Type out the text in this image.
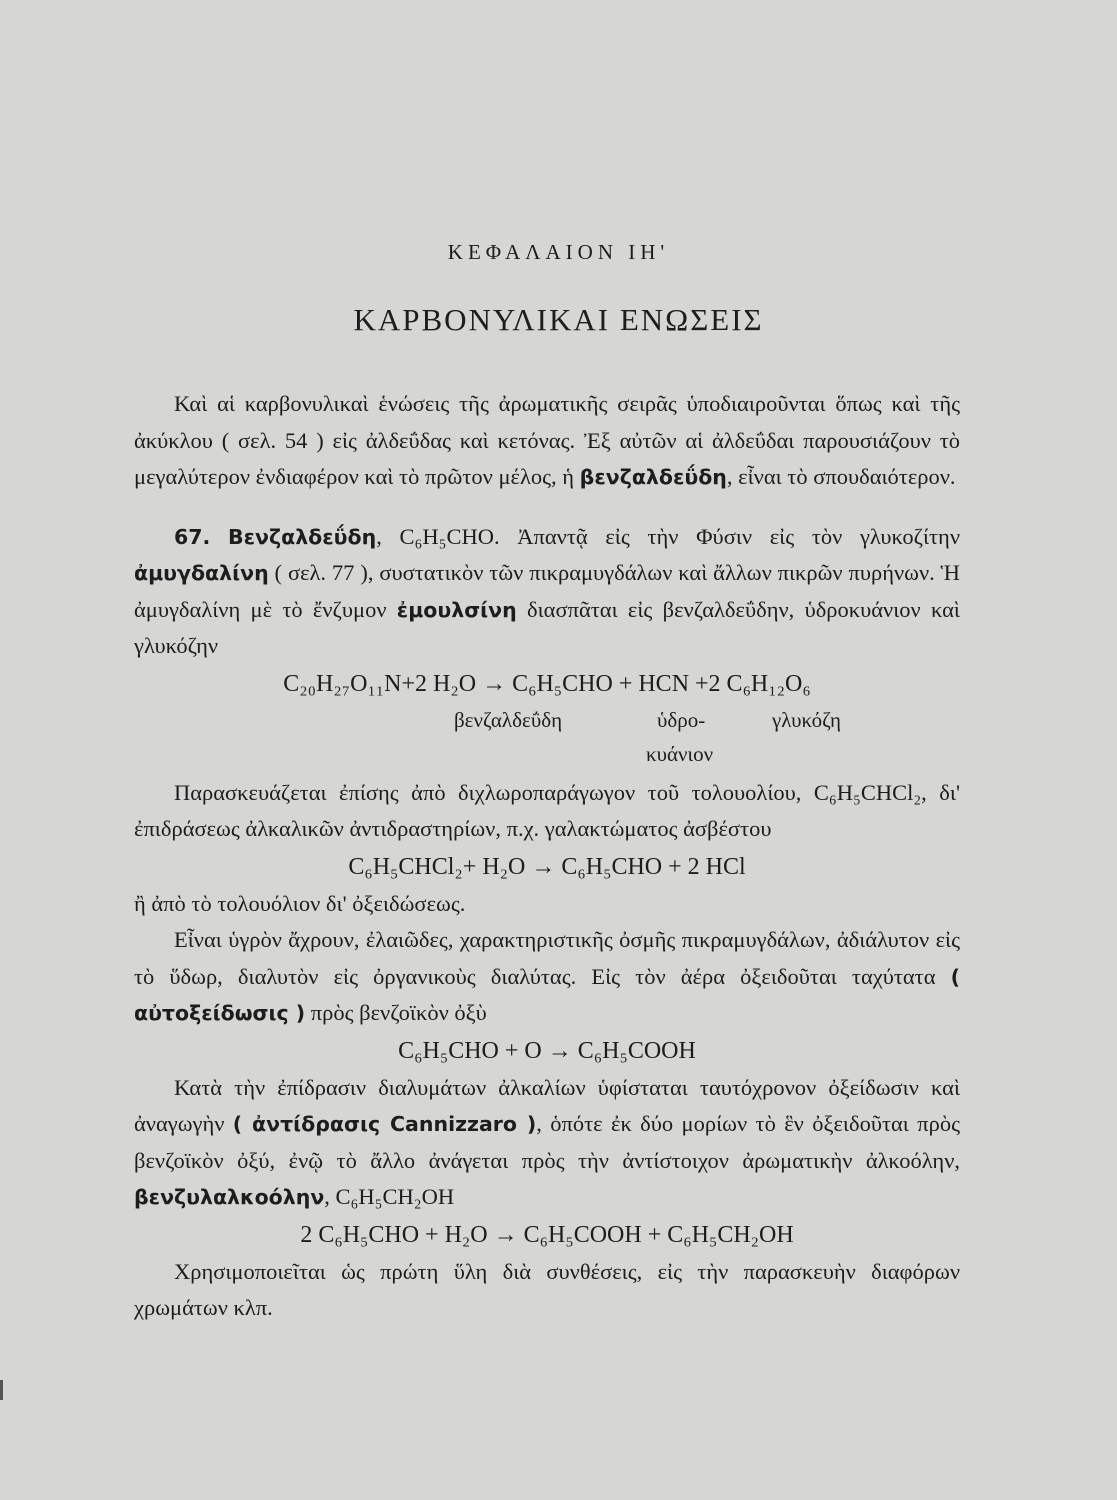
ΚΕΦΑΛΑΙΟΝ ΙΗ'
ΚΑΡΒΟΝΥΛΙΚΑΙ ΕΝΩΣΕΙΣ

Καὶ αἱ καρβονυλικαὶ ἑνώσεις τῆς ἀρωματικῆς σειρᾶς ὑποδιαιροῦνται ὅπως καὶ τῆς ἀκύκλου ( σελ. 54 ) εἰς ἀλδεΰδας καὶ κετόνας. Ἐξ αὐτῶν αἱ ἀλδεΰδαι παρουσιάζουν τὸ μεγαλύτερον ἐνδιαφέρον καὶ τὸ πρῶτον μέλος, ἡ βενζαλδεΰδη, εἶναι τὸ σπουδαιότερον.

67. Βενζαλδεΰδη, C₆H₅CHO. Ἀπαντᾷ εἰς τὴν Φύσιν εἰς τὸν γλυκοζίτην ἀμυγδαλίνη ( σελ. 77 ), συστατικὸν τῶν πικραμυγδάλων καὶ ἄλλων πικρῶν πυρήνων. Ἡ ἀμυγδαλίνη μὲ τὸ ἔνζυμον ἐμουλσίνη διασπᾶται εἰς βενζαλδεΰδην, ὑδροκυάνιον καὶ γλυκόζην

C₂₀H₂₇O₁₁N+2 H₂O → C₆H₅CHO + HCN +2 C₆H₁₂O₆
βενζαλδεΰδη	ὑδρο-
κυάνιον
γλυκόζη

Παρασκευάζεται ἐπίσης ἀπὸ διχλωροπαράγωγον τοῦ τολουολίου, C₆H₅CHCl₂, δι' ἐπιδράσεως ἀλκαλικῶν ἀντιδραστηρίων, π.χ. γαλακτώματος ἀσβέστου

C₆H₅CHCl₂+ H₂O → C₆H₅CHO + 2 HCl

ἢ ἀπὸ τὸ τολουόλιον δι' ὀξειδώσεως.

Εἶναι ὑγρὸν ἄχρουν, ἐλαιῶδες, χαρακτηριστικῆς ὀσμῆς πικραμυγδάλων, ἀδιάλυτον εἰς τὸ ὕδωρ, διαλυτὸν εἰς ὀργανικοὺς διαλύτας. Εἰς τὸν ἀέρα ὀξειδοῦται ταχύτατα ( αὐτοξείδωσις ) πρὸς βενζοϊκὸν ὀξὺ

C₆H₅CHO + O → C₆H₅COOH

Κατὰ τὴν ἐπίδρασιν διαλυμάτων ἀλκαλίων ὑφίσταται ταυτόχρονον ὀξείδωσιν καὶ ἀναγωγὴν ( ἀντίδρασις Cannizzaro ), ὁπότε ἐκ δύο μορίων τὸ ἓν ὀξειδοῦται πρὸς βενζοϊκὸν ὀξύ, ἐνῷ τὸ ἄλλο ἀνάγεται πρὸς τὴν ἀντίστοιχον ἀρωματικὴν ἀλκοόλην, βενζυλαλκοόλην, C₆H₅CH₂OH

2 C₆H₅CHO + H₂O → C₆H₅COOH + C₆H₅CH₂OH

Χρησιμοποιεῖται ὡς πρώτη ὕλη διὰ συνθέσεις, εἰς τὴν παρασκευὴν διαφόρων χρωμάτων κλπ.
